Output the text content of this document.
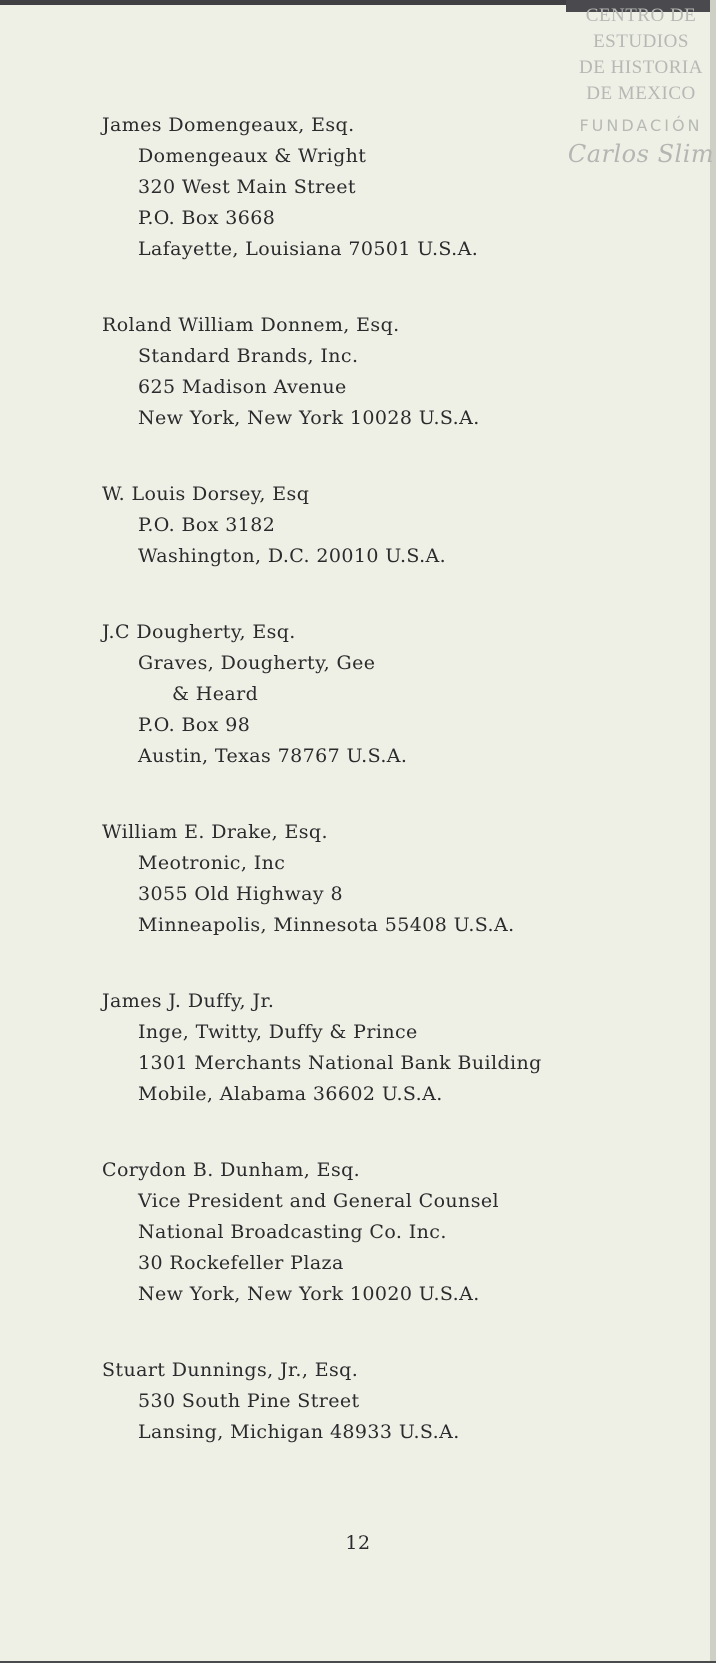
CENTRO DE
ESTUDIOS
DE HISTORIA
DE MEXICO
FUNDACIÓN
Carlos Slim
James Domengeaux, Esq.
Domengeaux & Wright
320 West Main Street
P.O. Box 3668
Lafayette, Louisiana 70501 U.S.A.
Roland William Donnem, Esq.
Standard Brands, Inc.
625 Madison Avenue
New York, New York 10028 U.S.A.
W. Louis Dorsey, Esq
P.O. Box 3182
Washington, D.C. 20010 U.S.A.
J.C Dougherty, Esq.
Graves, Dougherty, Gee
& Heard
P.O. Box 98
Austin, Texas 78767 U.S.A.
William E. Drake, Esq.
Meotronic, Inc
3055 Old Highway 8
Minneapolis, Minnesota 55408 U.S.A.
James J. Duffy, Jr.
Inge, Twitty, Duffy & Prince
1301 Merchants National Bank Building
Mobile, Alabama 36602 U.S.A.
Corydon B. Dunham, Esq.
Vice President and General Counsel
National Broadcasting Co. Inc.
30 Rockefeller Plaza
New York, New York 10020 U.S.A.
Stuart Dunnings, Jr., Esq.
530 South Pine Street
Lansing, Michigan 48933 U.S.A.
12
